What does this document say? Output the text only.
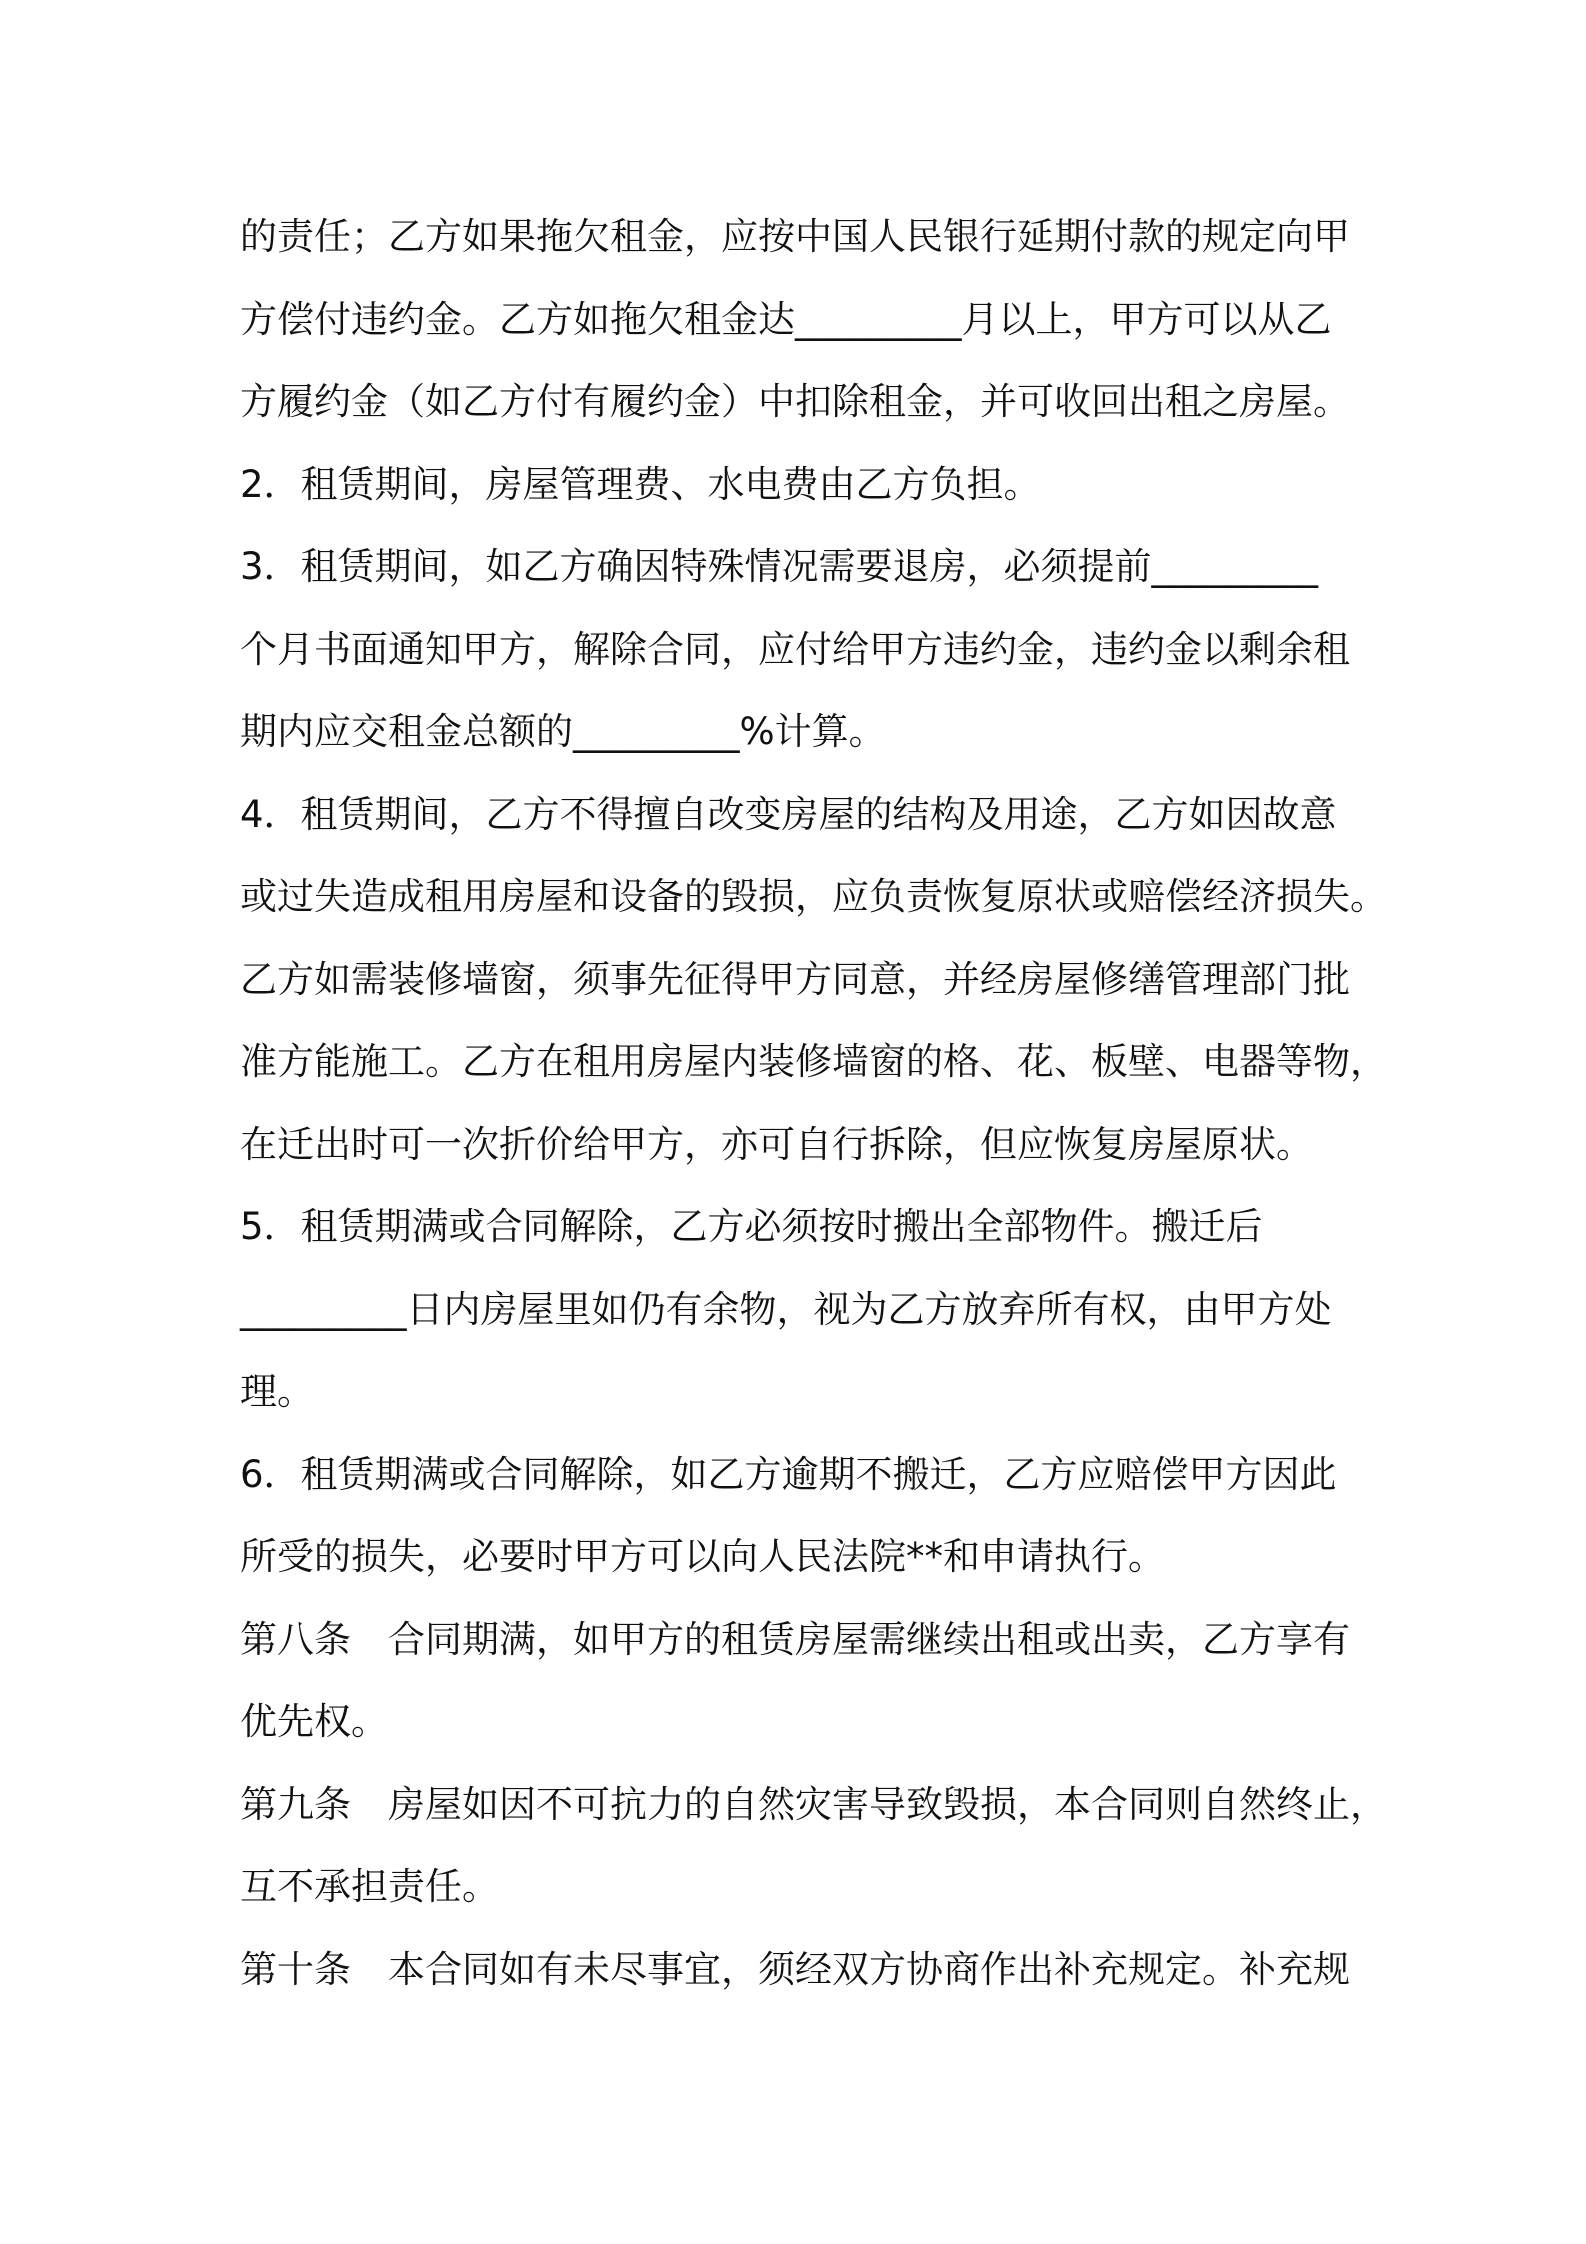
的责任；乙方如果拖欠租金，应按中国人民银行延期付款的规定向甲
方偿付违约金。乙方如拖欠租金达_________月以上，甲方可以从乙
方履约金（如乙方付有履约金）中扣除租金，并可收回出租之房屋。
2．租赁期间，房屋管理费、水电费由乙方负担。
3．租赁期间，如乙方确因特殊情况需要退房，必须提前_________
个月书面通知甲方，解除合同，应付给甲方违约金，违约金以剩余租
期内应交租金总额的_________%计算。
4．租赁期间，乙方不得擅自改变房屋的结构及用途，乙方如因故意
或过失造成租用房屋和设备的毁损，应负责恢复原状或赔偿经济损失。
乙方如需装修墙窗，须事先征得甲方同意，并经房屋修缮管理部门批
准方能施工。乙方在租用房屋内装修墙窗的格、花、板壁、电器等物，
在迁出时可一次折价给甲方，亦可自行拆除，但应恢复房屋原状。
5．租赁期满或合同解除，乙方必须按时搬出全部物件。搬迁后
_________日内房屋里如仍有余物，视为乙方放弃所有权，由甲方处
理。
6．租赁期满或合同解除，如乙方逾期不搬迁，乙方应赔偿甲方因此
所受的损失，必要时甲方可以向人民法院**和申请执行。
第八条　合同期满，如甲方的租赁房屋需继续出租或出卖，乙方享有
优先权。
第九条　房屋如因不可抗力的自然灾害导致毁损，本合同则自然终止，
互不承担责任。
第十条　本合同如有未尽事宜，须经双方协商作出补充规定。补充规
